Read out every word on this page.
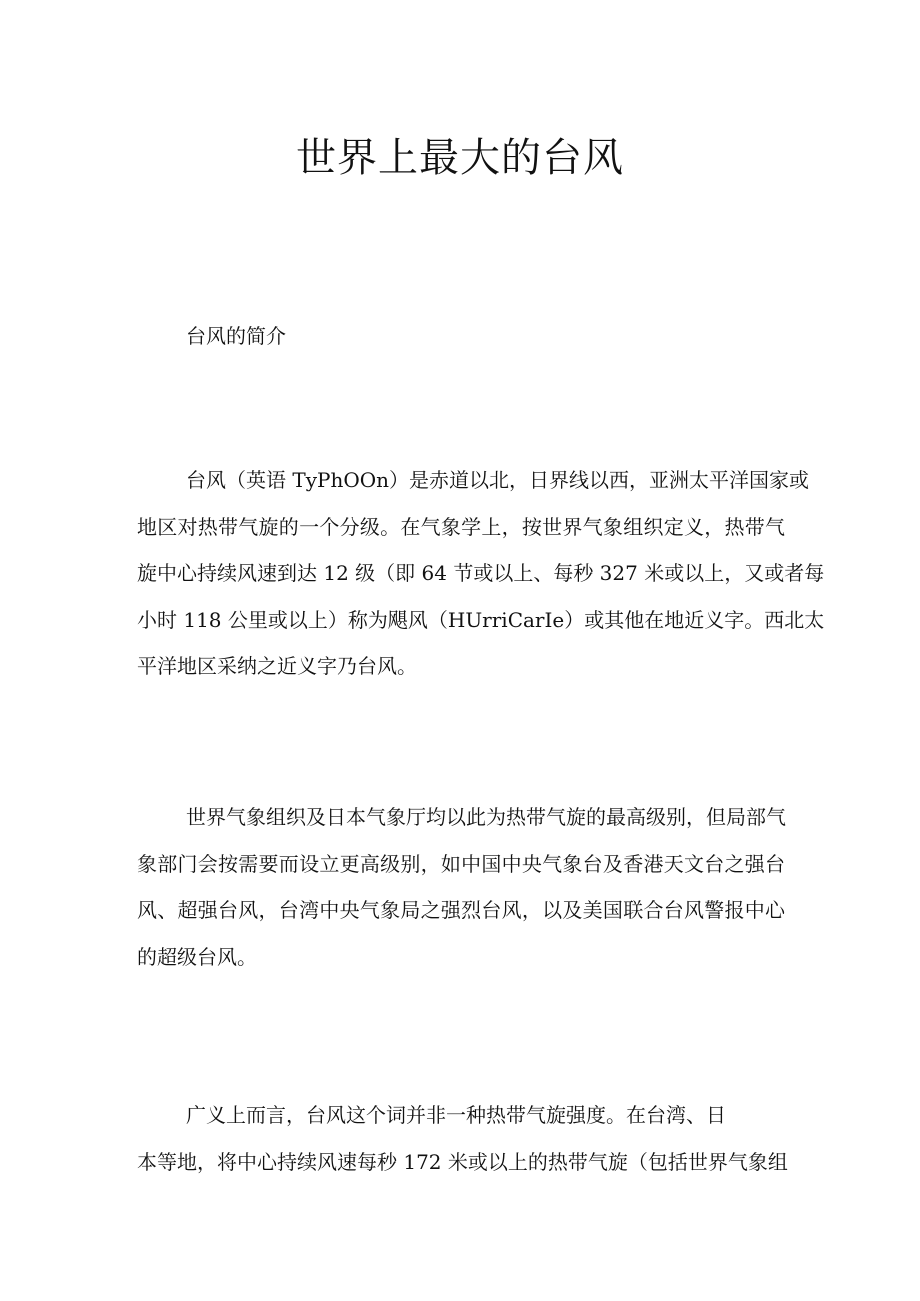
世界上最大的台风

台风的简介

台风（英语 TyPhOOn）是赤道以北，日界线以西，亚洲太平洋国家或
地区对热带气旋的一个分级。在气象学上，按世界气象组织定义，热带气
旋中心持续风速到达 12 级（即 64 节或以上、每秒 327 米或以上，又或者每
小时 118 公里或以上）称为飓风（HUrriCarIe）或其他在地近义字。西北太
平洋地区采纳之近义字乃台风。
世界气象组织及日本气象厅均以此为热带气旋的最高级别，但局部气
象部门会按需要而设立更高级别，如中国中央气象台及香港天文台之强台
风、超强台风，台湾中央气象局之强烈台风，以及美国联合台风警报中心
的超级台风。
广义上而言，台风这个词并非一种热带气旋强度。在台湾、日
本等地，将中心持续风速每秒 172 米或以上的热带气旋（包括世界气象组
